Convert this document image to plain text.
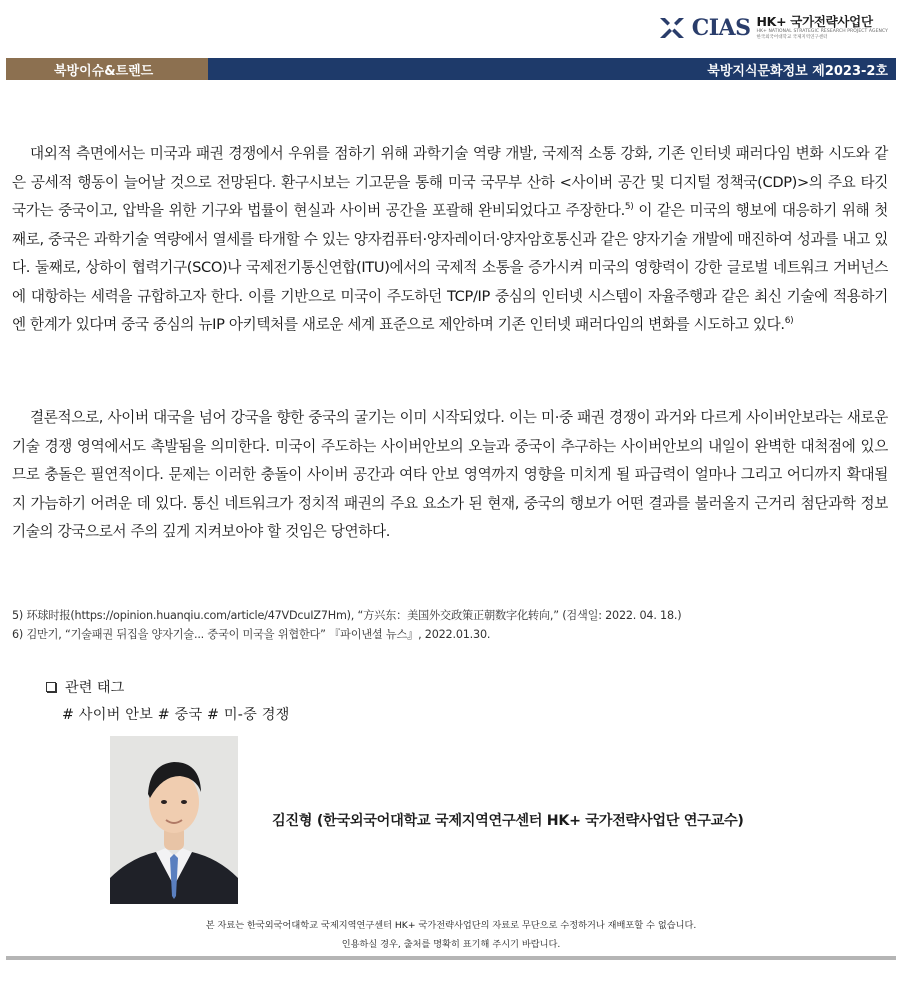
CIAS HK+ 국가전략사업단
HK+ NATIONAL STRATEGIC RESEARCH PROJECT AGENCY
한국외국어대학교 국제지역연구센터
북방이슈&트렌드	북방지식문화정보 제2023-2호

대외적 측면에서는 미국과 패권 경쟁에서 우위를 점하기 위해 과학기술 역량 개발, 국제적 소통 강화, 기존 인터넷 패러다임 변화 시도와 같은 공세적 행동이 늘어날 것으로 전망된다. 환구시보는 기고문을 통해 미국 국무부 산하 <사이버 공간 및 디지털 정책국(CDP)>의 주요 타깃 국가는 중국이고, 압박을 위한 기구와 법률이 현실과 사이버 공간을 포괄해 완비되었다고 주장한다.$^{5)}$ 이 같은 미국의 행보에 대응하기 위해 첫째로, 중국은 과학기술 역량에서 열세를 타개할 수 있는 양자컴퓨터·양자레이더·양자암호통신과 같은 양자기술 개발에 매진하여 성과를 내고 있다. 둘째로, 상하이 협력기구(SCO)나 국제전기통신연합(ITU)에서의 국제적 소통을 증가시켜 미국의 영향력이 강한 글로벌 네트워크 거버넌스에 대항하는 세력을 규합하고자 한다. 이를 기반으로 미국이 주도하던 TCP/IP 중심의 인터넷 시스템이 자율주행과 같은 최신 기술에 적용하기엔 한계가 있다며 중국 중심의 뉴IP 아키텍처를 새로운 세계 표준으로 제안하며 기존 인터넷 패러다임의 변화를 시도하고 있다.$^{6)}$

결론적으로, 사이버 대국을 넘어 강국을 향한 중국의 굴기는 이미 시작되었다. 이는 미·중 패권 경쟁이 과거와 다르게 사이버안보라는 새로운 기술 경쟁 영역에서도 촉발됨을 의미한다. 미국이 주도하는 사이버안보의 오늘과 중국이 추구하는 사이버안보의 내일이 완벽한 대척점에 있으므로 충돌은 필연적이다. 문제는 이러한 충돌이 사이버 공간과 여타 안보 영역까지 영향을 미치게 될 파급력이 얼마나 그리고 어디까지 확대될지 가늠하기 어려운 데 있다. 통신 네트워크가 정치적 패권의 주요 요소가 된 현재, 중국의 행보가 어떤 결과를 불러올지 근거리 첨단과학 정보기술의 강국으로서 주의 깊게 지켜보아야 할 것임은 당연하다.

5) 环球时报(https://opinion.huanqiu.com/article/47VDcuIZ7Hm), “方兴东：美国外交政策正朝数字化转向,” (검색일: 2022. 04. 18.)
6) 김만기, “기술패권 뒤집을 양자기술... 중국이 미국을 위협한다” 『파이낸셜 뉴스』, 2022.01.30.
관련 태그
# 사이버 안보 # 중국 # 미-중 경쟁
김진형 (한국외국어대학교 국제지역연구센터 HK+ 국가전략사업단 연구교수)
본 자료는 한국외국어대학교 국제지역연구센터 HK+ 국가전략사업단의 자료로 무단으로 수정하거나 재배포할 수 없습니다.
인용하실 경우, 출처를 명확히 표기해 주시기 바랍니다.
